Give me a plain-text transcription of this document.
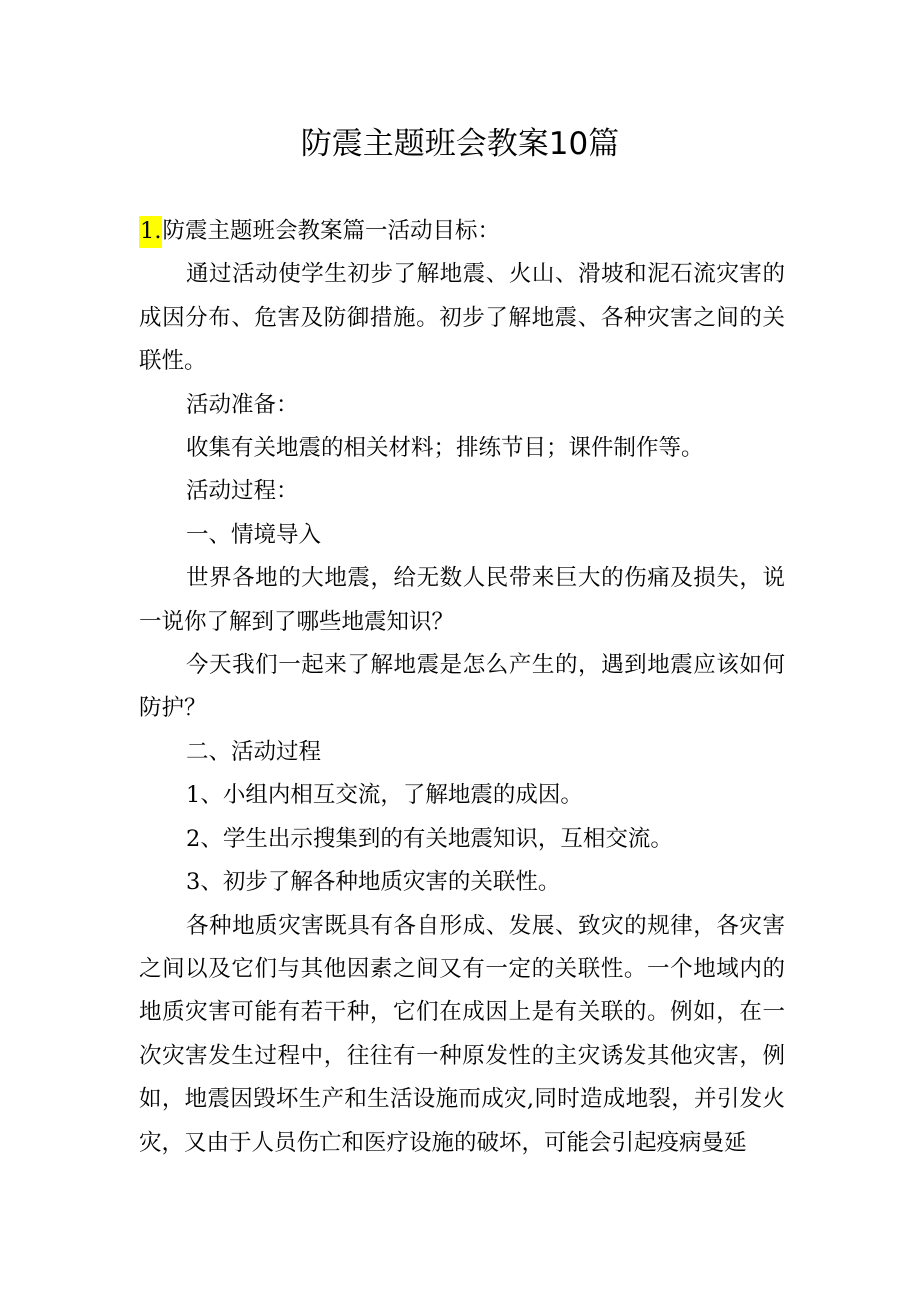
防震主题班会教案10篇

1.防震主题班会教案篇一活动目标：

通过活动使学生初步了解地震、火山、滑坡和泥石流灾害的成因分布、危害及防御措施。初步了解地震、各种灾害之间的关联性。

活动准备：

收集有关地震的相关材料；排练节目；课件制作等。

活动过程：

一、情境导入

世界各地的大地震，给无数人民带来巨大的伤痛及损失，说一说你了解到了哪些地震知识？

今天我们一起来了解地震是怎么产生的，遇到地震应该如何防护？

二、活动过程

1、小组内相互交流，了解地震的成因。

2、学生出示搜集到的有关地震知识，互相交流。

3、初步了解各种地质灾害的关联性。

各种地质灾害既具有各自形成、发展、致灾的规律，各灾害之间以及它们与其他因素之间又有一定的关联性。一个地域内的地质灾害可能有若干种，它们在成因上是有关联的。例如，在一次灾害发生过程中，往往有一种原发性的主灾诱发其他灾害，例如，地震因毁坏生产和生活设施而成灾,同时造成地裂，并引发火灾，又由于人员伤亡和医疗设施的破坏，可能会引起疫病曼延
